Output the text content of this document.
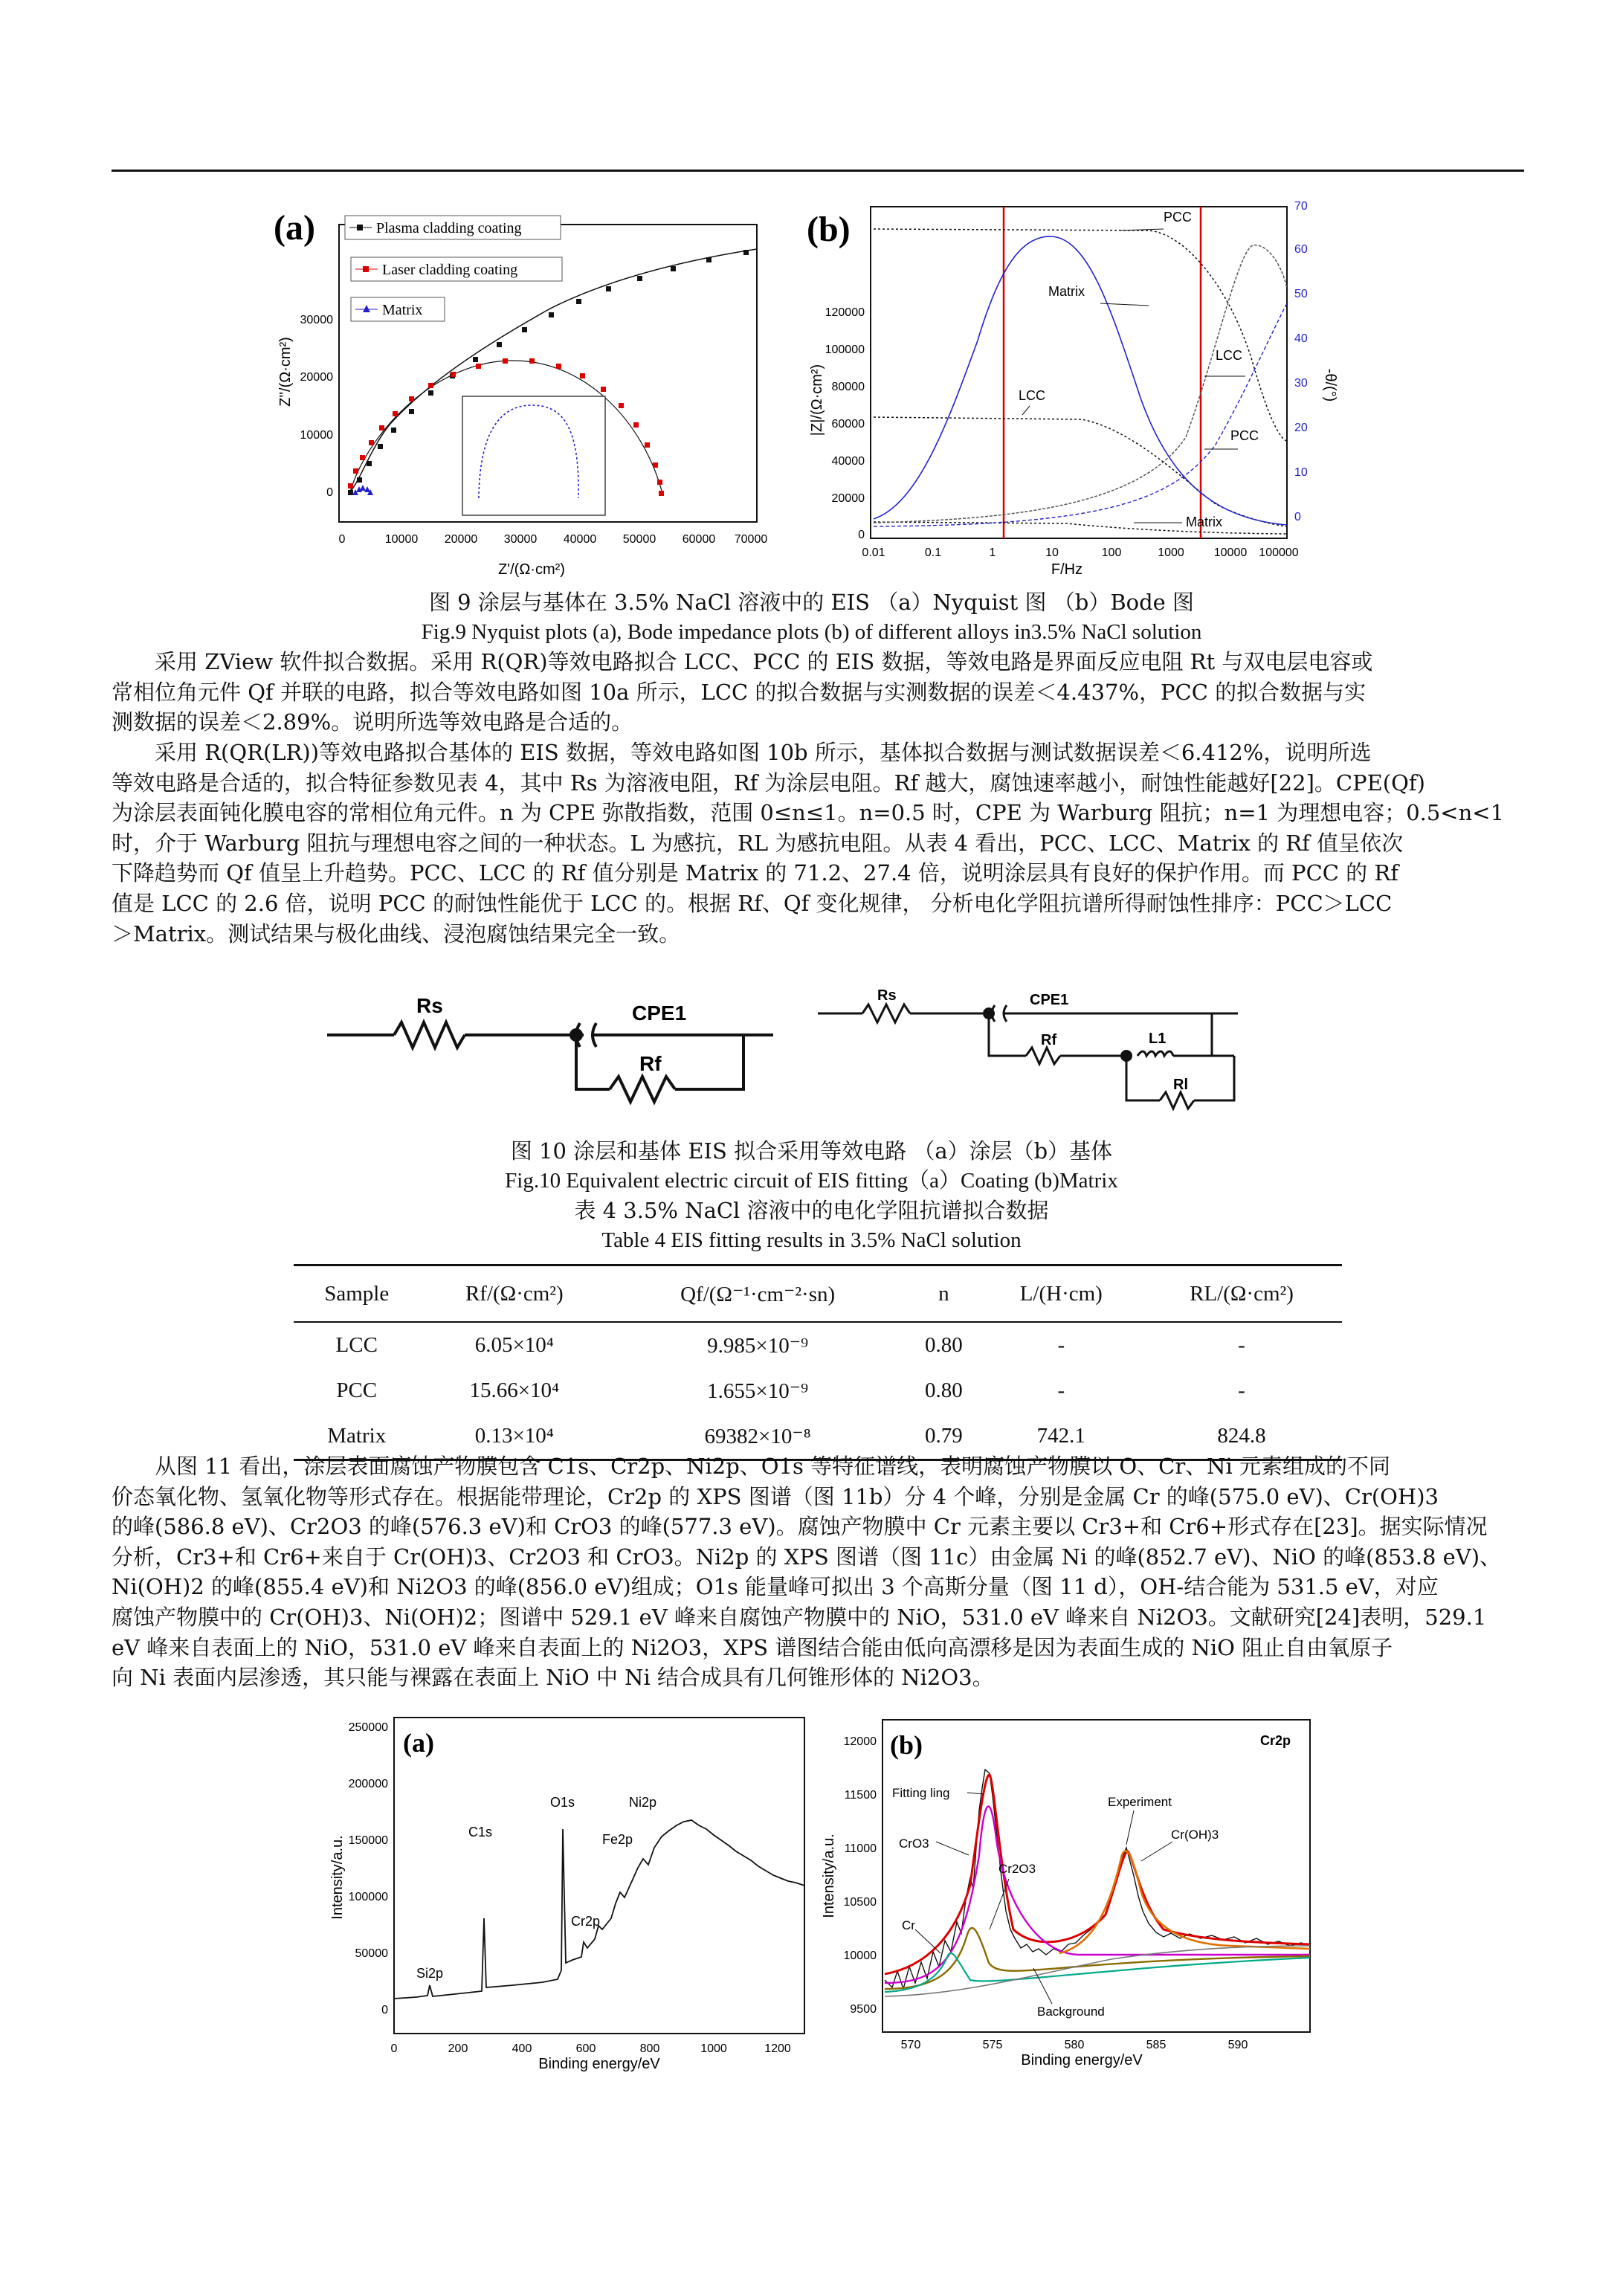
(a)	Plasma cladding coating
Laser cladding coating
Matrix
0	10000 20000 30000 40000 50000 60000 70000
0
10000
20000
30000
Z'/(Ω·cm²)
Z''/(Ω·cm²)
(b)
0
20000
40000
60000
80000
100000
120000
0
10
20
30
40
50
60
70
0.01	0.1	1	10	100	1000 10000 100000
F/Hz
|Z|/(Ω·cm²)	-θ/(°)
PCC
Matrix
LCC
LCC
PCC
Matrix
图 9 涂层与基体在 3.5% NaCl 溶液中的 EIS （a）Nyquist 图 （b）Bode 图
Fig.9 Nyquist plots (a), Bode impedance plots (b) of different alloys in3.5% NaCl solution
采用 ZView 软件拟合数据。采用 R(QR)等效电路拟合 LCC、PCC 的 EIS 数据，等效电路是界面反应电阻 Rt 与双电层电容或
常相位角元件 Qf 并联的电路，拟合等效电路如图 10a 所示，LCC 的拟合数据与实测数据的误差＜4.437%，PCC 的拟合数据与实
测数据的误差＜2.89%。说明所选等效电路是合适的。
采用 R(QR(LR))等效电路拟合基体的 EIS 数据，等效电路如图 10b 所示，基体拟合数据与测试数据误差＜6.412%，说明所选
等效电路是合适的，拟合特征参数见表 4，其中 Rs 为溶液电阻，Rf 为涂层电阻。Rf 越大，腐蚀速率越小，耐蚀性能越好[22]。CPE(Qf)
为涂层表面钝化膜电容的常相位角元件。n 为 CPE 弥散指数，范围 0≤n≤1。n=0.5 时，CPE 为 Warburg 阻抗；n=1 为理想电容；0.5<n<1
时，介于 Warburg 阻抗与理想电容之间的一种状态。L 为感抗，RL 为感抗电阻。从表 4 看出，PCC、LCC、Matrix 的 Rf 值呈依次
下降趋势而 Qf 值呈上升趋势。PCC、LCC 的 Rf 值分别是 Matrix 的 71.2、27.4 倍，说明涂层具有良好的保护作用。而 PCC 的 Rf
值是 LCC 的 2.6 倍，说明 PCC 的耐蚀性能优于 LCC 的。根据 Rf、Qf 变化规律， 分析电化学阻抗谱所得耐蚀性排序：PCC＞LCC
＞Matrix。测试结果与极化曲线、浸泡腐蚀结果完全一致。
Rs	CPE1
Rf
Rs	CPE1
Rf	L1
Rl
图 10 涂层和基体 EIS 拟合采用等效电路 （a）涂层（b）基体
Fig.10 Equivalent electric circuit of EIS fitting（a）Coating (b)Matrix
表 4 3.5% NaCl 溶液中的电化学阻抗谱拟合数据
Table 4 EIS fitting results in 3.5% NaCl solution
Sample	Rf/(Ω·cm²)	Qf/(Ω⁻¹·cm⁻²·sn)	n	L/(H·cm)	RL/(Ω·cm²)
LCC	6.05×10⁴	9.985×10⁻⁹	0.80	-	-
PCC	15.66×10⁴	1.655×10⁻⁹	0.80	-	-
Matrix	0.13×10⁴	69382×10⁻⁸	0.79	742.1	824.8
从图 11 看出，涂层表面腐蚀产物膜包含 C1s、Cr2p、Ni2p、O1s 等特征谱线，表明腐蚀产物膜以 O、Cr、Ni 元素组成的不同
价态氧化物、氢氧化物等形式存在。根据能带理论，Cr2p 的 XPS 图谱（图 11b）分 4 个峰，分别是金属 Cr 的峰(575.0 eV)、Cr(OH)3
的峰(586.8 eV)、Cr2O3 的峰(576.3 eV)和 CrO3 的峰(577.3 eV)。腐蚀产物膜中 Cr 元素主要以 Cr3+和 Cr6+形式存在[23]。据实际情况
分析，Cr3+和 Cr6+来自于 Cr(OH)3、Cr2O3 和 CrO3。Ni2p 的 XPS 图谱（图 11c）由金属 Ni 的峰(852.7 eV)、NiO 的峰(853.8 eV)、
Ni(OH)2 的峰(855.4 eV)和 Ni2O3 的峰(856.0 eV)组成；O1s 能量峰可拟出 3 个高斯分量（图 11 d），OH-结合能为 531.5 eV，对应
腐蚀产物膜中的 Cr(OH)3、Ni(OH)2；图谱中 529.1 eV 峰来自腐蚀产物膜中的 NiO，531.0 eV 峰来自 Ni2O3。文献研究[24]表明，529.1
eV 峰来自表面上的 NiO，531.0 eV 峰来自表面上的 Ni2O3，XPS 谱图结合能由低向高漂移是因为表面生成的 NiO 阻止自由氧原子
向 Ni 表面内层渗透，其只能与裸露在表面上 NiO 中 Ni 结合成具有几何锥形体的 Ni2O3。
(a)
0
50000
100000
150000
200000
250000
0	200	400	600	800	1000	1200
Binding energy/eV
Intensity/a.u.
Si2p
C1s
O1s
Cr2p
Fe2p
Ni2p
(b)	Cr2p
9500
10000
10500
11000
11500
12000
570	575	580	585	590
Binding energy/eV
Intensity/a.u.
Fitting ling
CrO3
Cr2O3
Cr
Experiment
Cr(OH)3
Background
